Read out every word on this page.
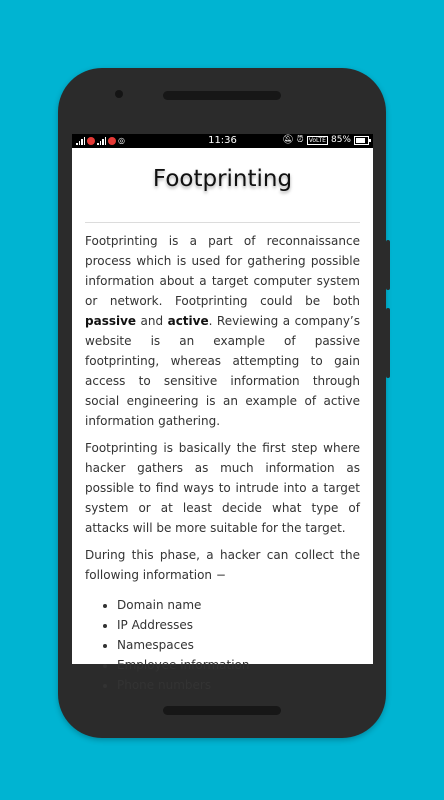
◎	11:36	🔕︎ ⏰︎ VoLTE 85%
Footprinting

Footprinting is a part of reconnaissance process which is used for gathering possible information about a target computer system or network. Footprinting could be both passive and active. Reviewing a company’s website is an example of passive footprinting, whereas attempting to gain access to sensitive information through social engineering is an example of active information gathering.

Footprinting is basically the first step where hacker gathers as much information as possible to find ways to intrude into a target system or at least decide what type of attacks will be more suitable for the target.

During this phase, a hacker can collect the following information −

• Domain name
• IP Addresses
• Namespaces
• Employee information
• Phone numbers
